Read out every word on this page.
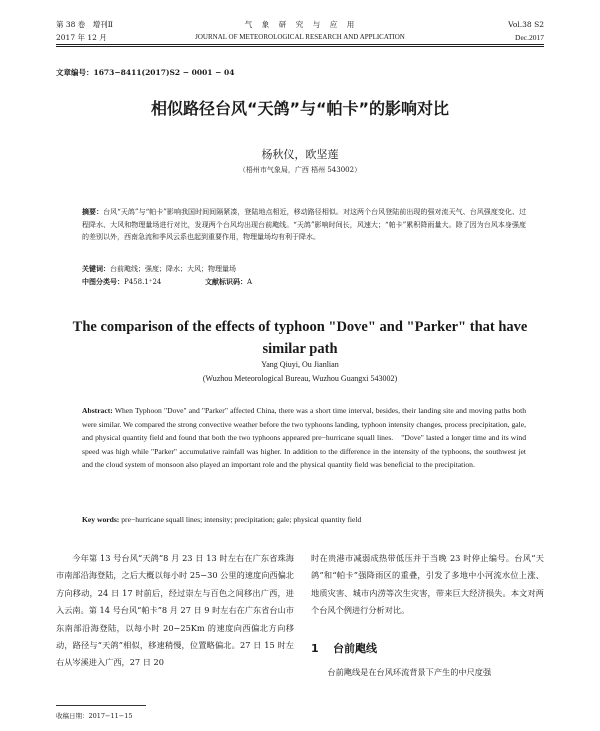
第 38 卷　增刊Ⅱ	气　象　研　究　与　应　用	Vol.38 S2
2017 年 12 月	JOURNAL OF METEOROLOGICAL RESEARCH AND APPLICATION	Dec.2017
文章编号：1673−8411(2017)S2 − 0001 − 04
相似路径台风“天鸽”与“帕卡”的影响对比
杨秋仪，欧坚莲
（梧州市气象局，广西 梧州 543002）
摘要：台风“天鸽”与“帕卡”影响我国时间间隔紧凑，登陆地点相近，移动路径相似。对这两个台风登陆前出现的强对流天气、台风强度变化、过程降水、大风和物理量场进行对比，发现两个台风均出现台前飑线。“天鸽”影响时间长，风速大；“帕卡”累积降雨量大。除了因为台风本身强度的差别以外，西南急流和季风云系也起到重要作用，物理量场均有利于降水。
关键词：台前飑线；强度；降水；大风；物理量场
中图分类号：P458.1⁺24	文献标识码：A
The comparison of the effects of typhoon "Dove" and "Parker" that have similar path
Yang Qiuyi, Ou Jianlian
(Wuzhou Meteorological Bureau, Wuzhou Guangxi 543002)
Abstract: When Typhoon "Dove" and "Parker" affected China, there was a short time interval, besides, their landing site and moving paths both were similar. We compared the strong convective weather before the two typhoons landing, typhoon intensity changes, process precipitation, gale, and physical quantity field and found that both the two typhoons appeared pre−hurricane squall lines.　"Dove" lasted a longer time and its wind speed was high while "Parker" accumulative rainfall was higher. In addition to the difference in the intensity of the typhoons, the southwest jet and the cloud system of monsoon also played an important role and the physical quantity field was beneficial to the precipitation.
Key words: pre−hurricane squall lines; intensity; precipitation; gale; physical quantity field
今年第 13 号台风“天鸽”8 月 23 日 13 时左右在广东省珠海市南部沿海登陆，之后大概以每小时 25−30 公里的速度向西偏北方向移动，24 日 17 时前后，经过崇左与百色之间移出广西，进入云南。第 14 号台风“帕卡”8 月 27 日 9 时左右在广东省台山市东南部沿海登陆，以每小时 20−25Km 的速度向西偏北方向移动，路径与“天鸽”相似，移速稍慢，位置略偏北。27 日 15 时左右从岑溪进入广西，27 日 20
时在贵港市减弱成热带低压并于当晚 23 时停止编号。台风“天鸽”和“帕卡”强降雨区的重叠，引发了多地中小河流水位上涨、地质灾害、城市内涝等次生灾害，带来巨大经济损失。本文对两个台风个例进行分析对比。
1 台前飑线
台前飑线是在台风环流背景下产生的中尺度强
收稿日期：2017−11−15
